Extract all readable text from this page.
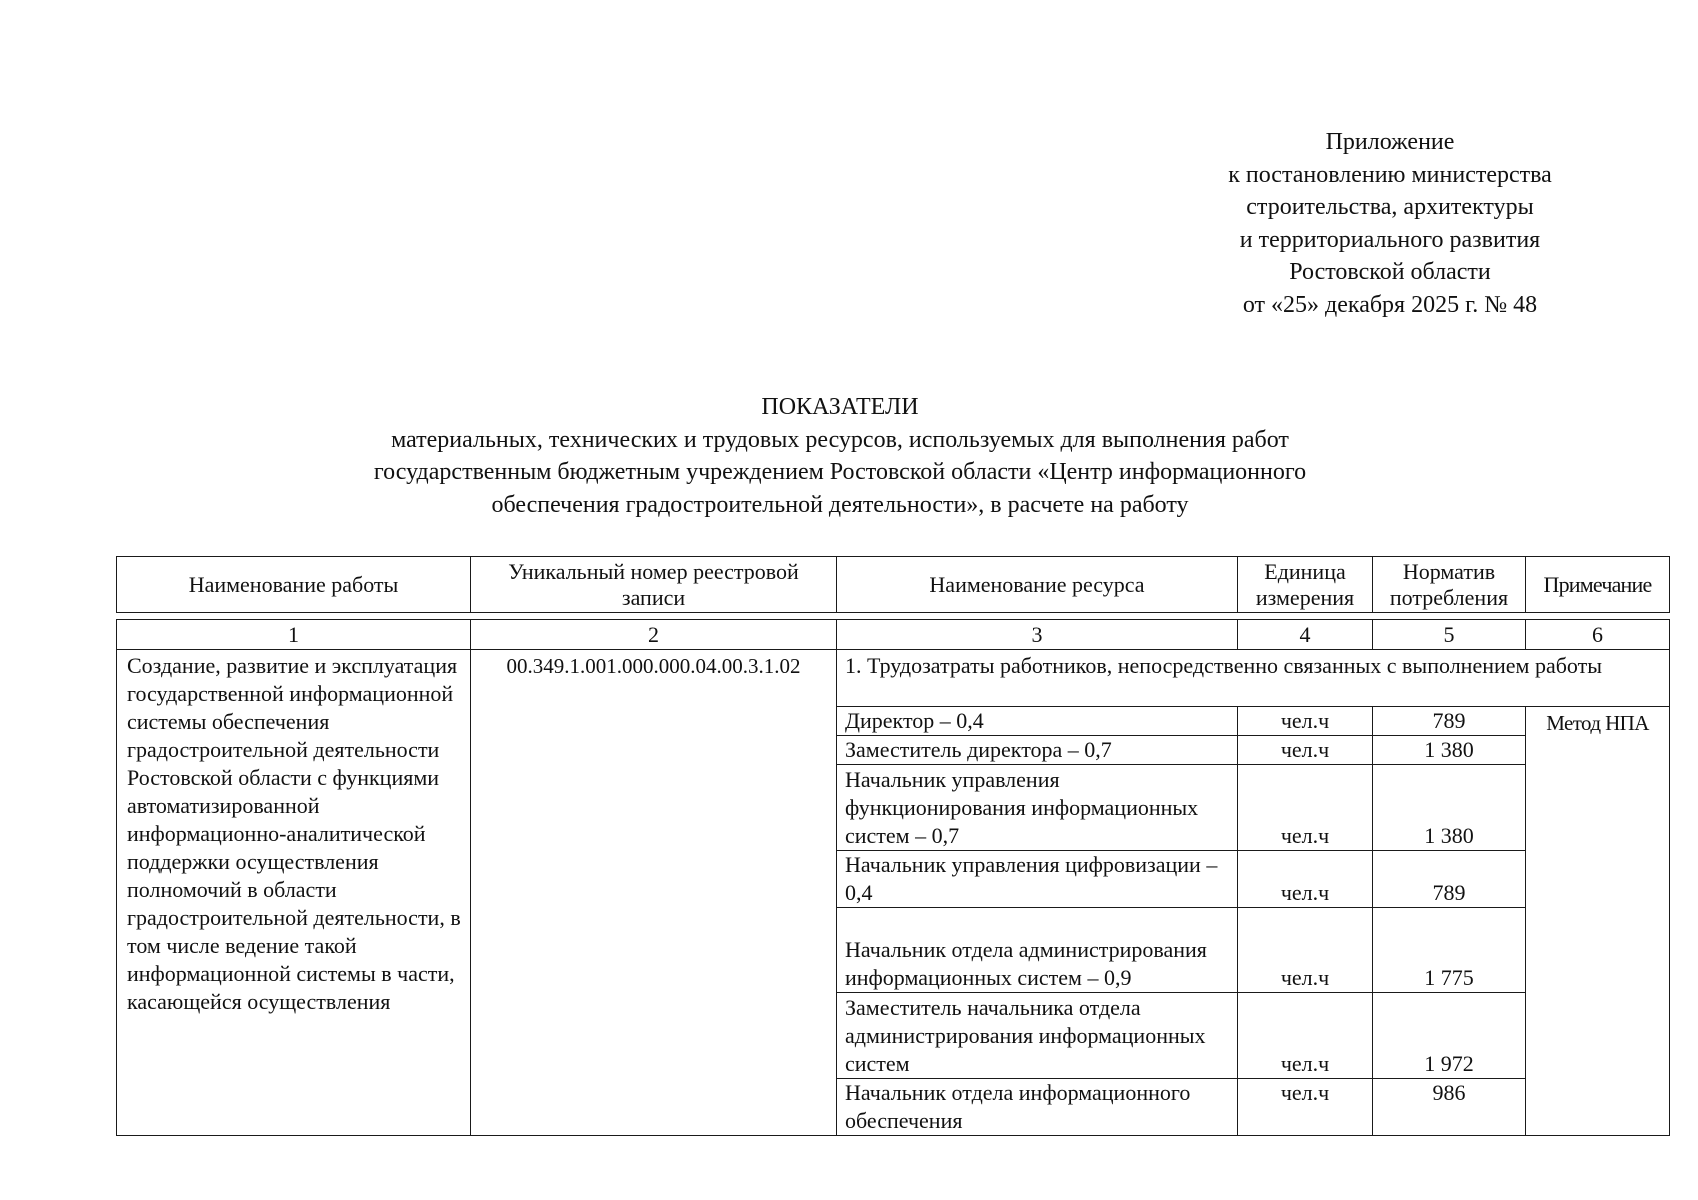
Приложение
к постановлению министерства
строительства, архитектуры
и территориального развития
Ростовской области
от «25» декабря 2025 г. № 48
ПОКАЗАТЕЛИ
материальных, технических и трудовых ресурсов, используемых для выполнения работ
государственным бюджетным учреждением Ростовской области «Центр информационного
обеспечения градостроительной деятельности», в расчете на работу
Наименование работы	Уникальный номер реестровой записи	Наименование ресурса	Единица измерения	Норматив потребления	Примечание
1	2	3	4	5	6
Создание, развитие и эксплуатация государственной информационной системы обеспечения градостроительной деятельности Ростовской области с функциями автоматизированной информационно-аналитической поддержки осуществления полномочий в области градостроительной деятельности, в том числе ведение такой информационной системы в части, касающейся осуществления	00.349.1.001.000.000.04.00.3.1.02	1. Трудозатраты работников, непосредственно связанных с выполнением работы			
		Директор – 0,4	чел.ч	789	Метод НПА
		Заместитель директора – 0,7	чел.ч	1 380	
		Начальник управления функционирования информационных систем – 0,7	чел.ч	1 380	
		Начальник управления цифровизации – 0,4	чел.ч	789	
		Начальник отдела администрирования информационных систем – 0,9	чел.ч	1 775	
		Заместитель начальника отдела администрирования информационных систем	чел.ч	1 972	
		Начальник отдела информационного обеспечения	чел.ч	986	
